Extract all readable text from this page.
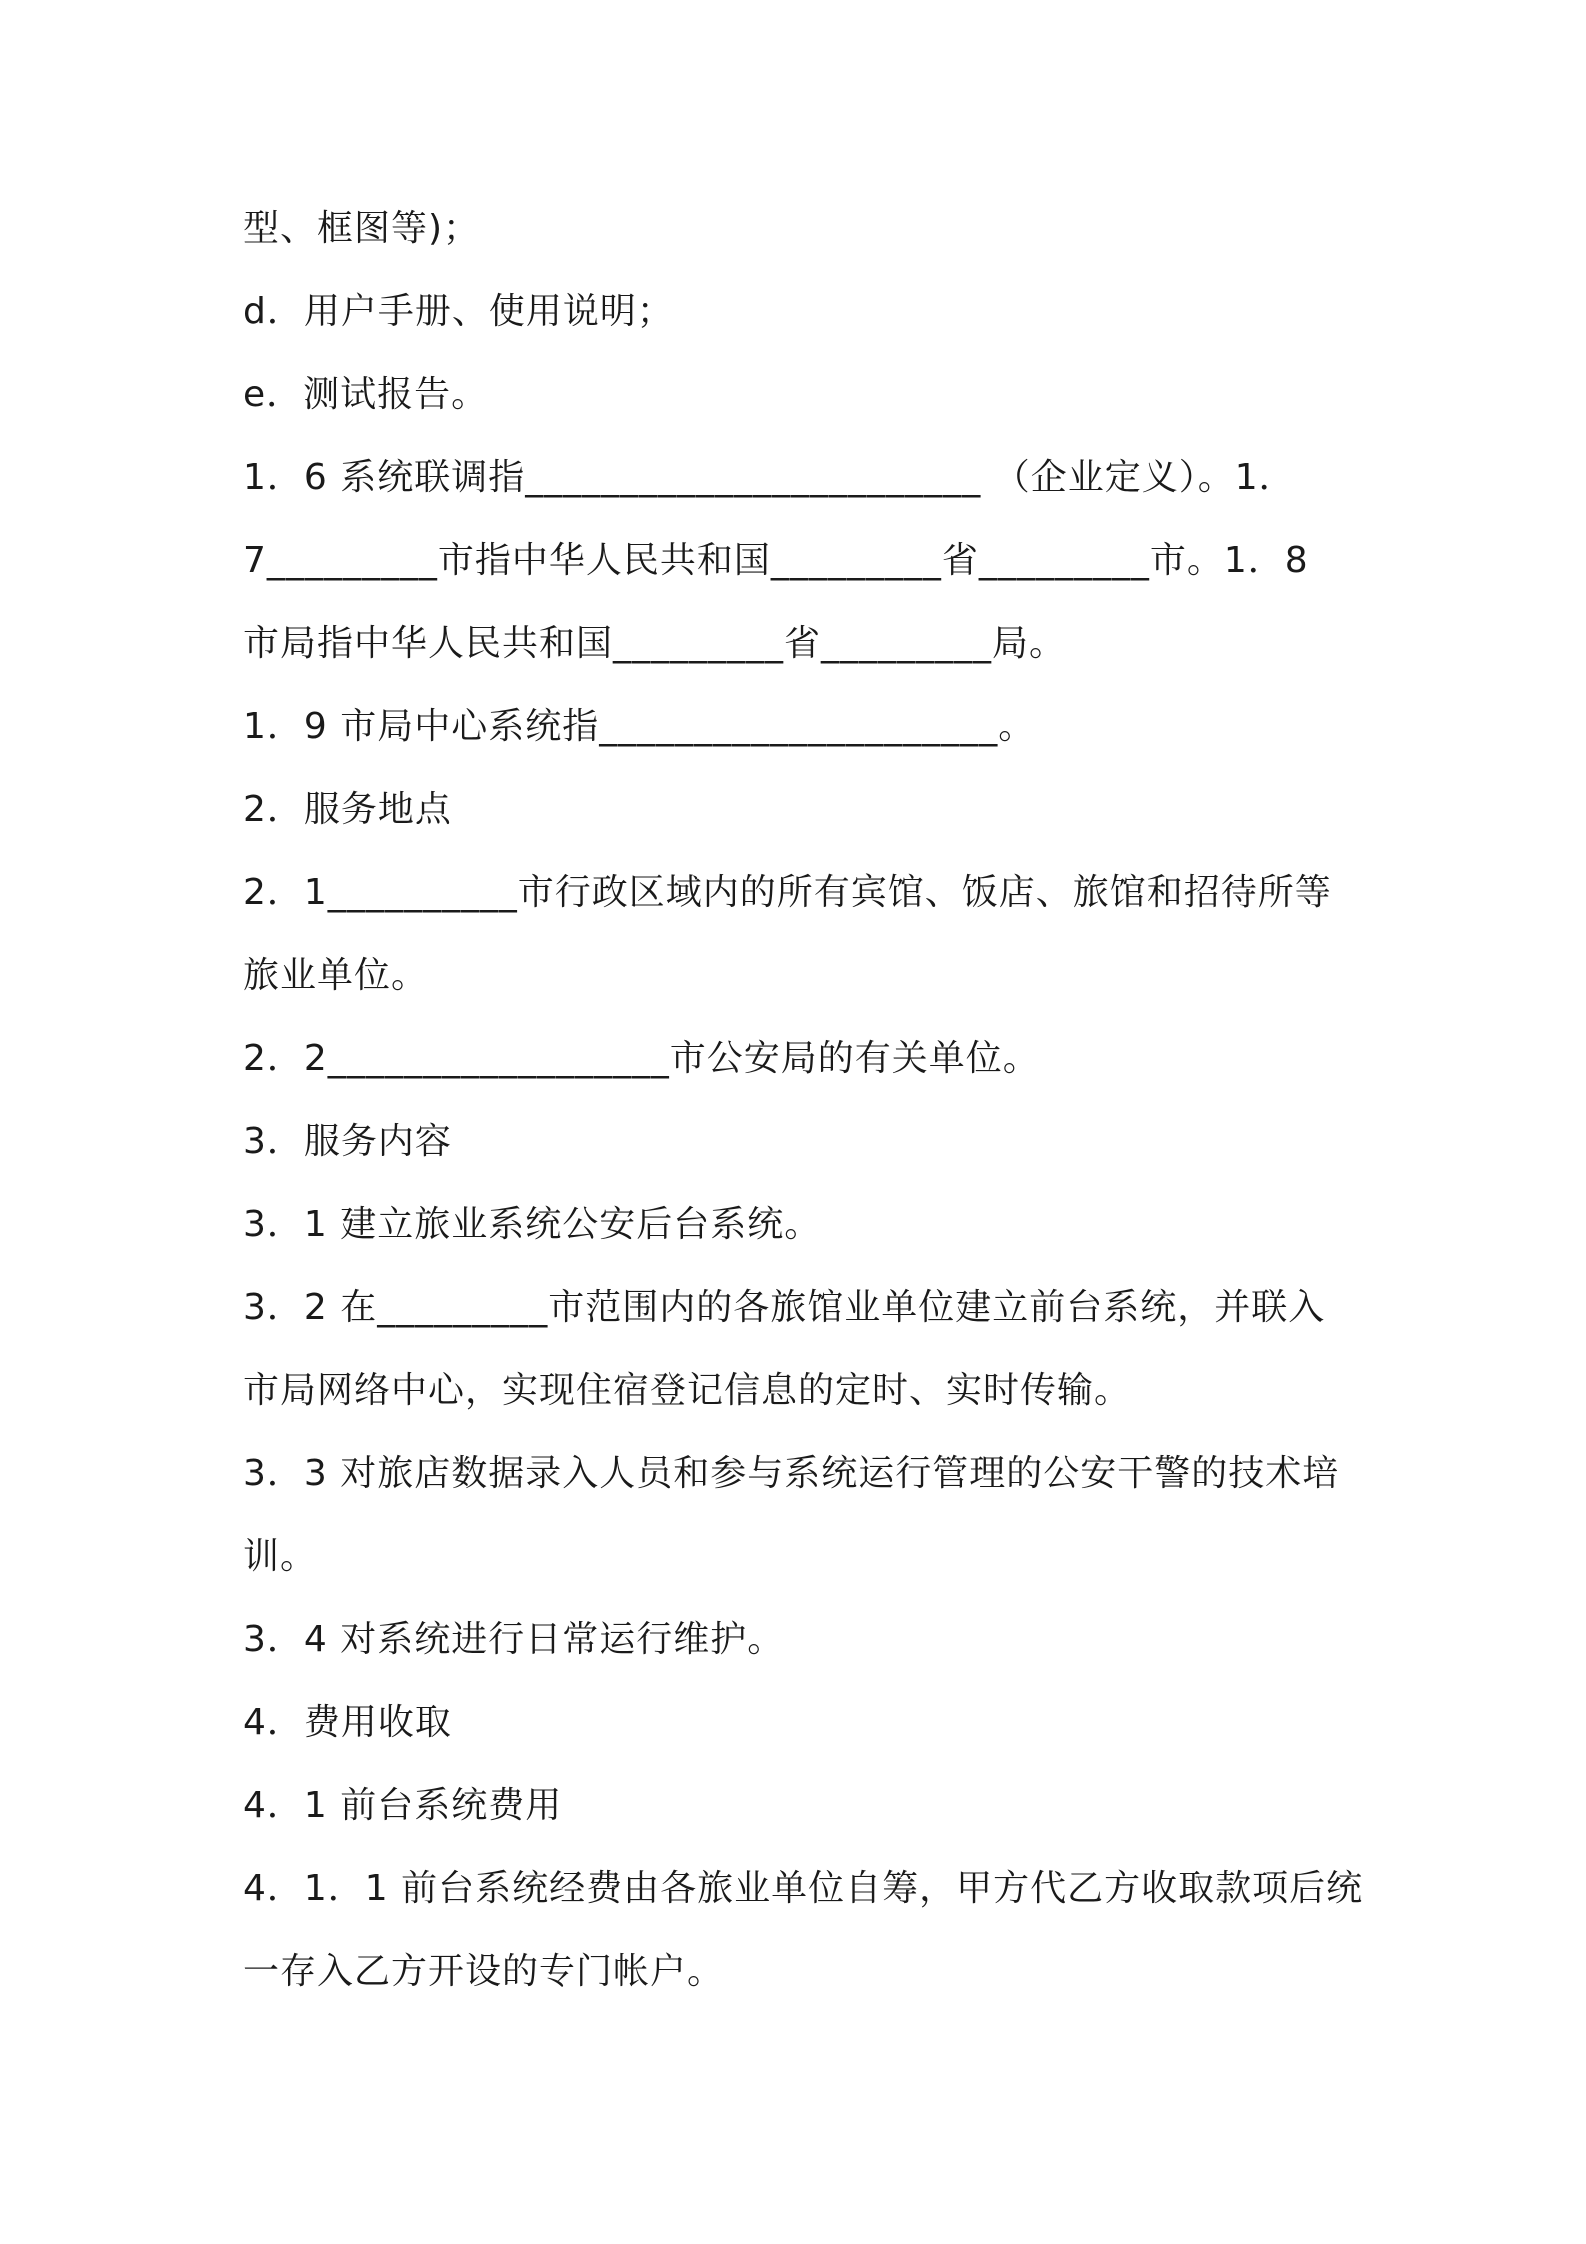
型、框图等)；
d．用户手册、使用说明；
e．测试报告。
1．6 系统联调指________________________ （企业定义）。1．
7_________市指中华人民共和国_________省_________市。1．8
市局指中华人民共和国_________省_________局。
1．9 市局中心系统指_____________________。
2．服务地点
2．1__________市行政区域内的所有宾馆、饭店、旅馆和招待所等
旅业单位。
2．2__________________市公安局的有关单位。
3．服务内容
3．1 建立旅业系统公安后台系统。
3．2 在_________市范围内的各旅馆业单位建立前台系统，并联入
市局网络中心，实现住宿登记信息的定时、实时传输。
3．3 对旅店数据录入人员和参与系统运行管理的公安干警的技术培
训。
3．4 对系统进行日常运行维护。
4．费用收取
4．1 前台系统费用
4．1．1 前台系统经费由各旅业单位自筹，甲方代乙方收取款项后统
一存入乙方开设的专门帐户。
